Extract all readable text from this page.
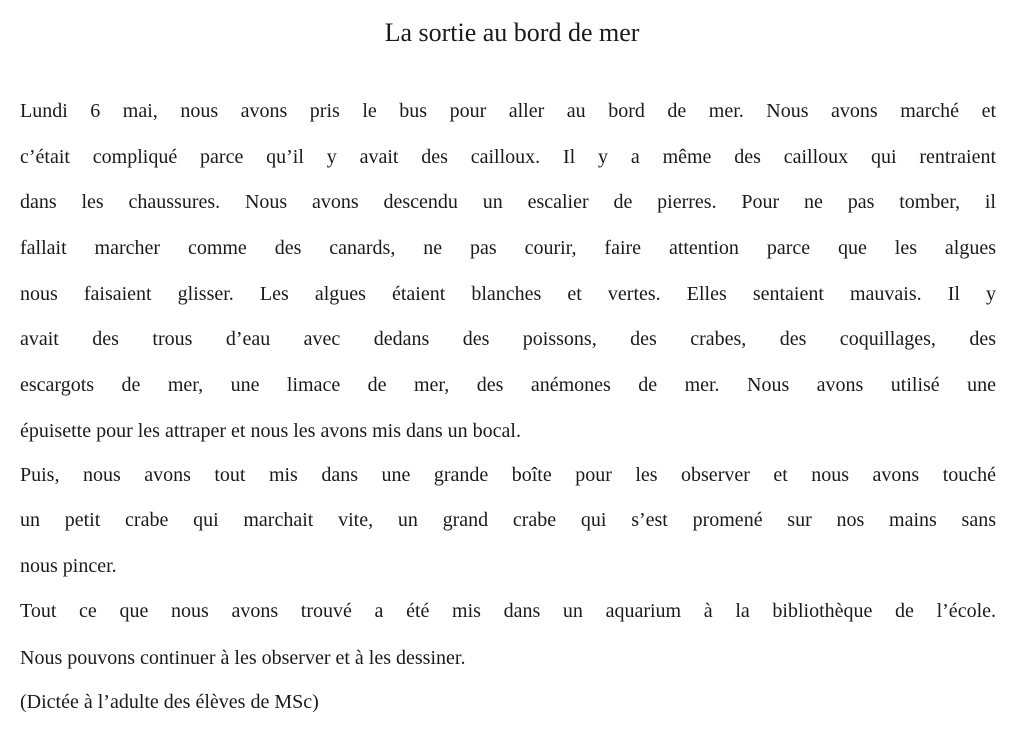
La sortie au bord de mer
Lundi 6 mai, nous avons pris le bus pour aller au bord de mer. Nous avons marché et
c’était compliqué parce qu’il y avait des cailloux. Il y a même des cailloux qui rentraient
dans les chaussures. Nous avons descendu un escalier de pierres. Pour ne pas tomber, il
fallait marcher comme des canards, ne pas courir, faire attention parce que les algues
nous faisaient glisser. Les algues étaient blanches et vertes. Elles sentaient mauvais. Il y
avait des trous d’eau avec dedans des poissons, des crabes, des coquillages, des
escargots de mer, une limace de mer, des anémones de mer. Nous avons utilisé une
épuisette pour les attraper et nous les avons mis dans un bocal.
Puis, nous avons tout mis dans une grande boîte pour les observer et nous avons touché
un petit crabe qui marchait vite, un grand crabe qui s’est promené sur nos mains sans
nous pincer.
Tout ce que nous avons trouvé a été mis dans un aquarium à la bibliothèque de l’école.
Nous pouvons continuer à les observer et à les dessiner.
(Dictée à l’adulte des élèves de MSc)
